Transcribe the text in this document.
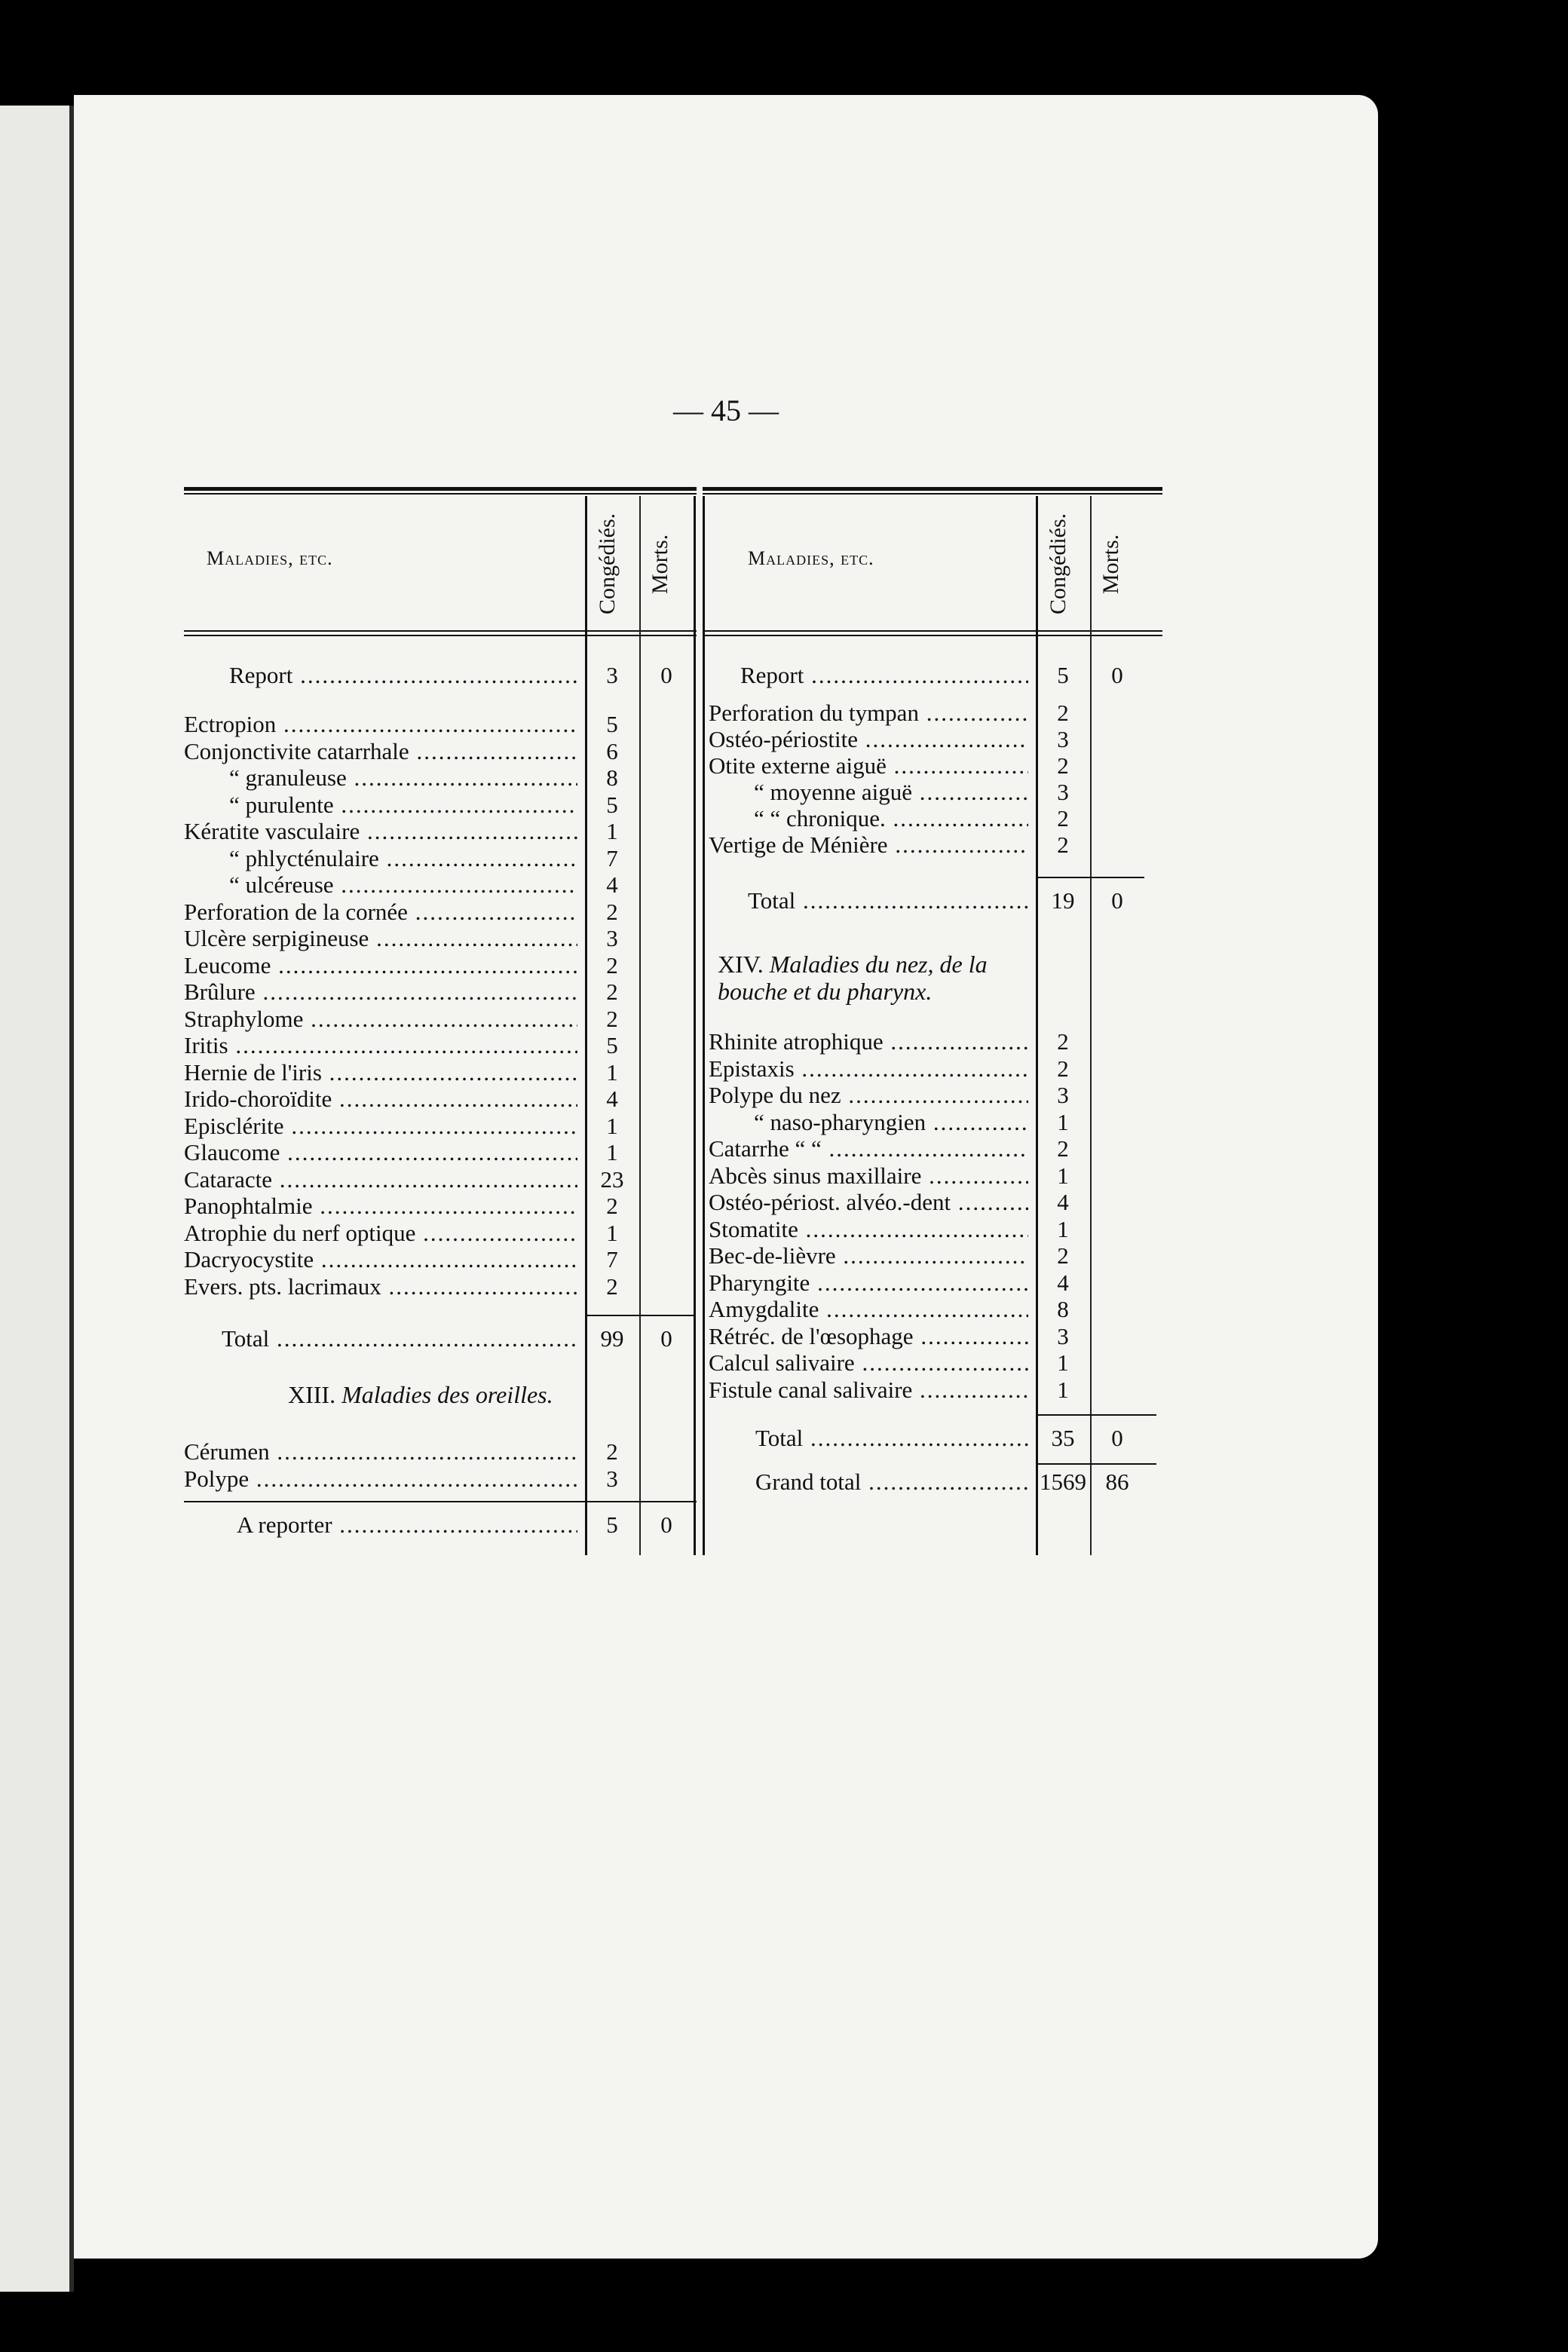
— 45 —
Maladies, etc.	Congédiés. Morts.
Report .....	3	0
Ectropion .....	5
Conjonctivite catarrhale .....	6
“ granuleuse .....	8
“ purulente .....	5
Kératite vasculaire .....	1
“ phlycténulaire .....	7
“ ulcéreuse .....	4
Perforation de la cornée .....	2
Ulcère serpigineuse .....	3
Leucome .....	2
Brûlure .....	2
Straphylome .....	2
Iritis .....	5
Hernie de l'iris .....	1
Irido-choroïdite .....	4
Episclérite .....	1
Glaucome .....	1
Cataracte .....	23
Panophtalmie .....	2
Atrophie du nerf optique .....	1
Dacryocystite .....	7
Evers. pts. lacrimaux .....	2
Total .....	99	0
XIII. Maladies des oreilles.
Cérumen .....	2
Polype .....	3
A reporter .....	5	0
Maladies, etc.	Congédiés. Morts.
Report .....	5	0
Perforation du tympan .....	2
Ostéo-périostite .....	3
Otite externe aiguë .....	2
“ moyenne aiguë .....	3
“ “ chronique. .....	2
Vertige de Ménière .....	2
Total .....	19	0
XIV. Maladies du nez, de la bouche et du pharynx.
Rhinite atrophique .....	2
Epistaxis .....	2
Polype du nez .....	3
“ naso-pharyngien .....	1
Catarrhe “ “ .....	2
Abcès sinus maxillaire .....	1
Ostéo-périost. alvéo.-dent .....	4
Stomatite .....	1
Bec-de-lièvre .....	2
Pharyngite .....	4
Amygdalite .....	8
Rétréc. de l'œsophage .....	3
Calcul salivaire .....	1
Fistule canal salivaire .....	1
Total .....	35	0
Grand total .....	1569 86
